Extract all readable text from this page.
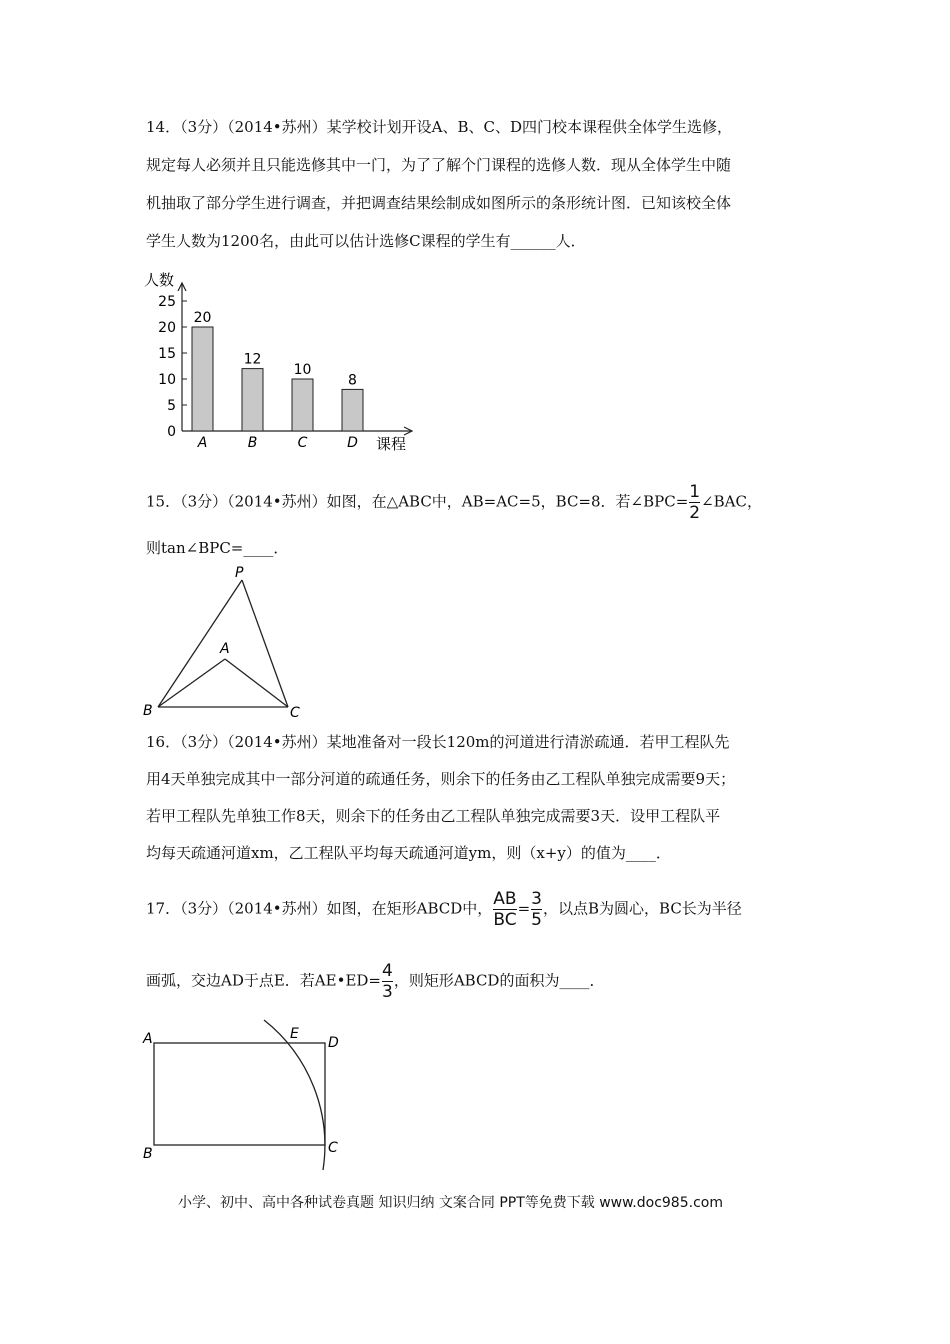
14．（3分）（2014•苏州）某学校计划开设A、B、C、D四门校本课程供全体学生选修，
规定每人必须并且只能选修其中一门，为了了解个门课程的选修人数．现从全体学生中随
机抽取了部分学生进行调查，并把调查结果绘制成如图所示的条形统计图．已知该校全体
学生人数为1200名，由此可以估计选修C课程的学生有______人．
人数
课程
0
5
10
15
20
25
20
A
12
B
10
C
8
D
15．（3分）（2014•苏州）如图，在△ABC中，AB=AC=5，BC=8．若∠BPC= $\frac{1}{2}$ ∠BAC，
则tan∠BPC=____．
P
A
B	C
16．（3分）（2014•苏州）某地准备对一段长120m的河道进行清淤疏通．若甲工程队先
用4天单独完成其中一部分河道的疏通任务，则余下的任务由乙工程队单独完成需要9天；
若甲工程队先单独工作8天，则余下的任务由乙工程队单独完成需要3天．设甲工程队平
均每天疏通河道xm，乙工程队平均每天疏通河道ym，则（x+y）的值为____．
17．（3分）（2014•苏州）如图，在矩形ABCD中， $\frac{AB}{BC} = \frac{3}{5}$ ，以点B为圆心，BC长为半径
画弧，交边AD于点E．若AE•ED= $\frac{4}{3}$ ，则矩形ABCD的面积为____．
A	E
D
B	C
小学、初中、高中各种试卷真题 知识归纳 文案合同 PPT等免费下载 www.doc985.com
